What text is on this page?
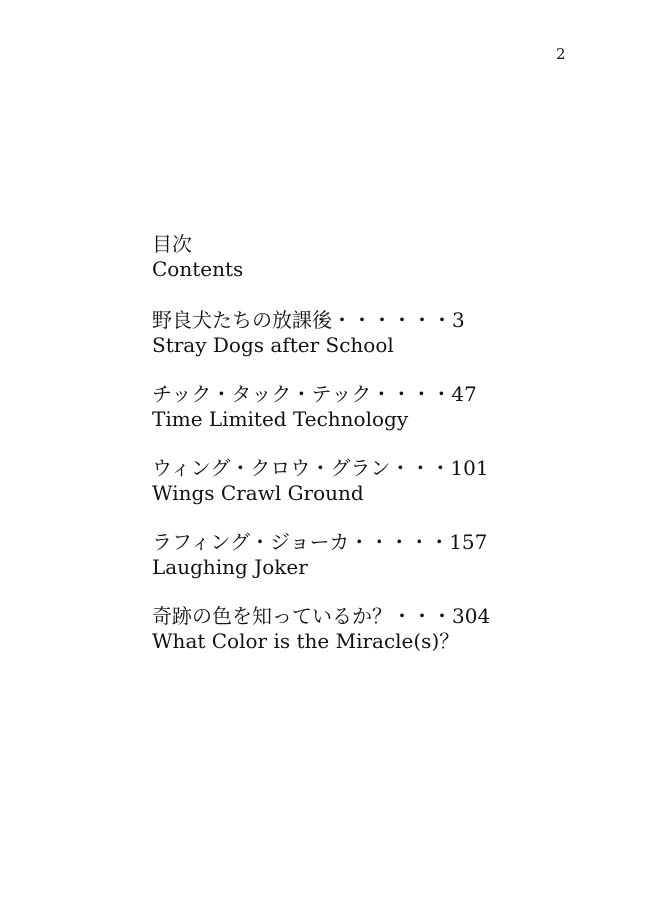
2
目次
Contents
野良犬たちの放課後・・・・・・3
Stray Dogs after School
チック・タック・テック・・・・47
Time Limited Technology
ウィング・クロウ・グラン・・・101
Wings Crawl Ground
ラフィング・ジョーカ・・・・・157
Laughing Joker
奇跡の色を知っているか？・・・304
What Color is the Miracle(s)？
